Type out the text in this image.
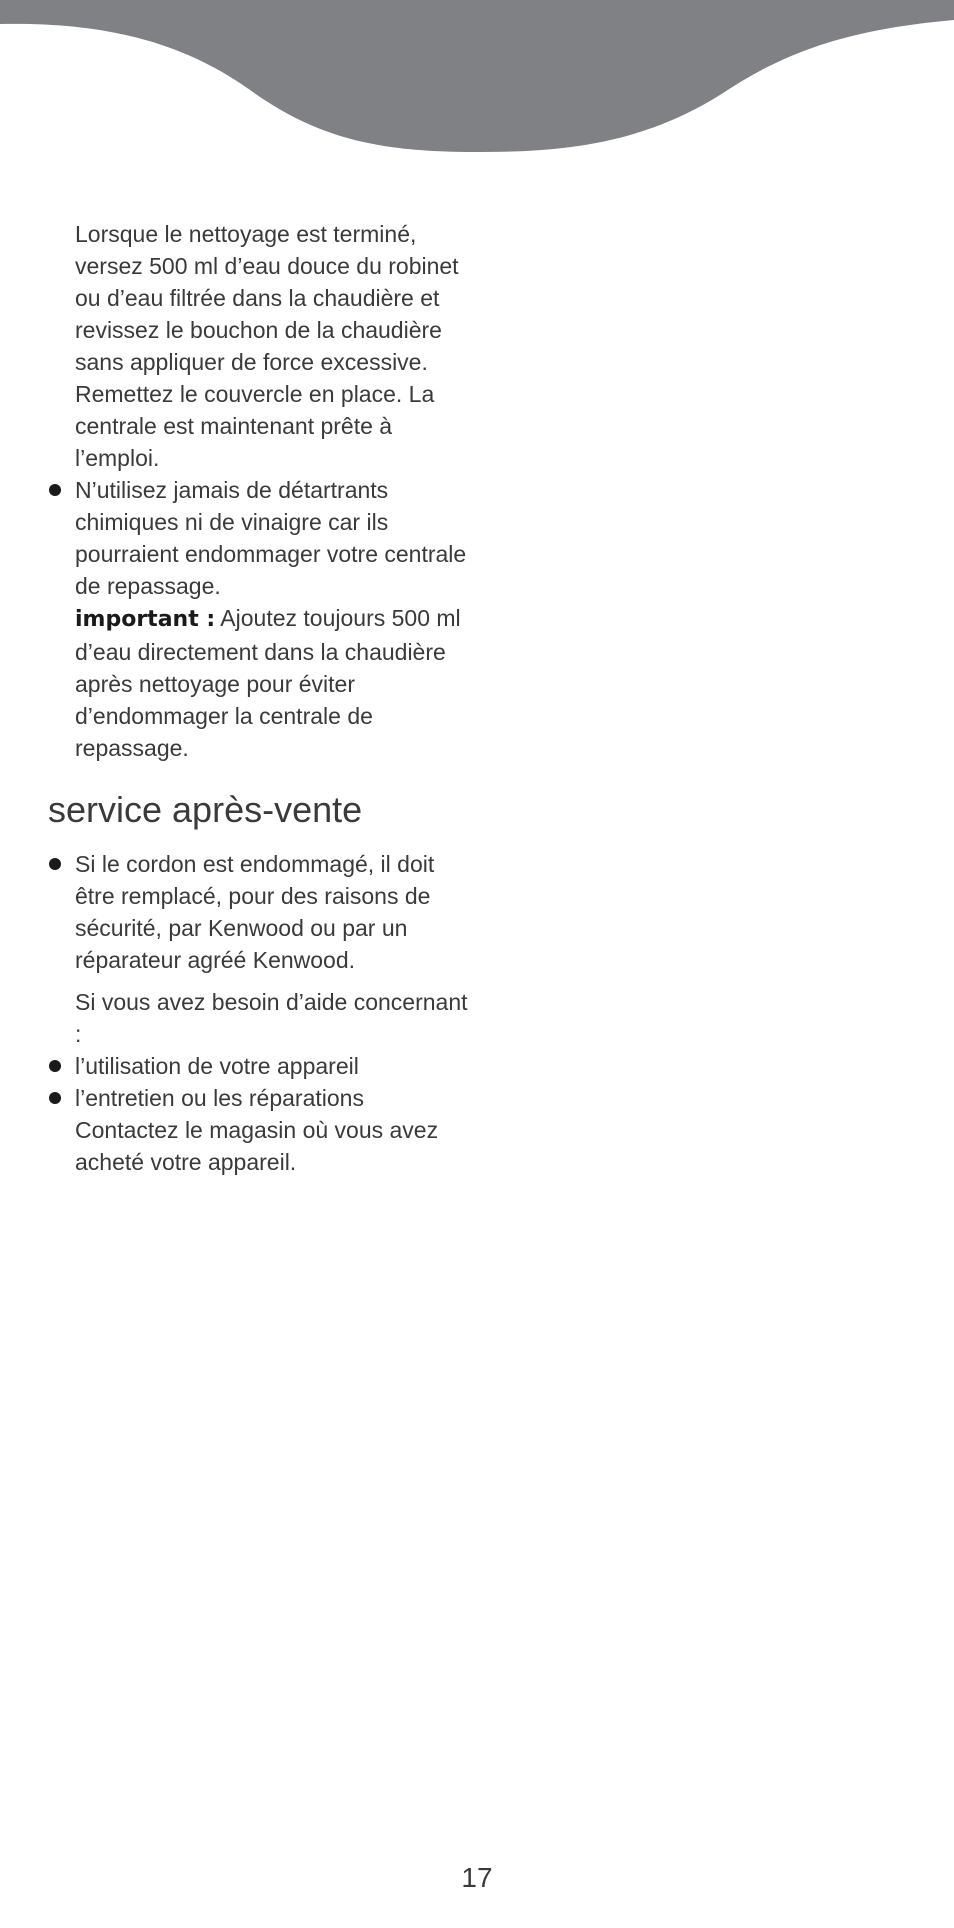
Lorsque le nettoyage est terminé, versez 500 ml d’eau douce du robinet ou d’eau filtrée dans la chaudière et revissez le bouchon de la chaudière sans appliquer de force excessive. Remettez le couvercle en place. La centrale est maintenant prête à l’emploi.

N’utilisez jamais de détartrants chimiques ni de vinaigre car ils pourraient endommager votre centrale de repassage.

important : Ajoutez toujours 500 ml d’eau directement dans la chaudière après nettoyage pour éviter d’endommager la centrale de repassage.

service après-vente
Si le cordon est endommagé, il doit être remplacé, pour des raisons de sécurité, par Kenwood ou par un réparateur agréé Kenwood.

Si vous avez besoin d’aide concernant :

l’utilisation de votre appareil
l’entretien ou les réparations

Contactez le magasin où vous avez acheté votre appareil.

17
